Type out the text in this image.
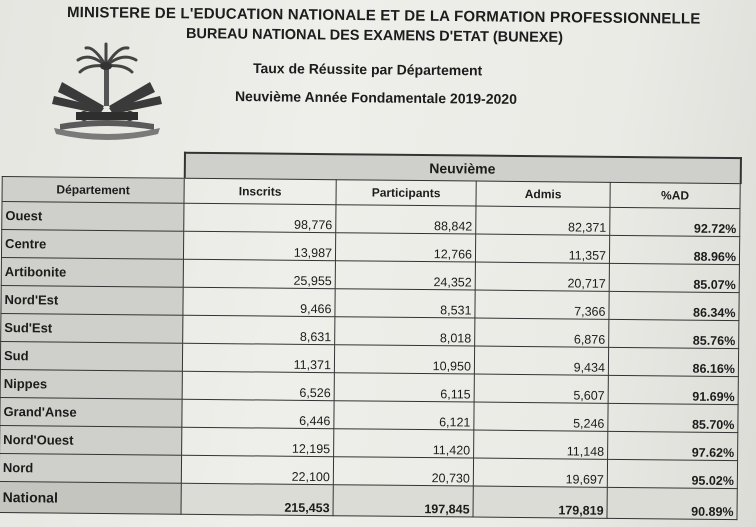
MINISTERE DE L'EDUCATION NATIONALE ET DE LA FORMATION PROFESSIONNELLE
BUREAU NATIONAL DES EXAMENS D'ETAT (BUNEXE)
Taux de Réussite par Département
Neuvième Année Fondamentale 2019-2020
	Neuvième			
Département	Inscrits	Participants	Admis	%AD
Ouest	98,776	88,842	82,371	92.72%
Centre	13,987	12,766	11,357	88.96%
Artibonite	25,955	24,352	20,717	85.07%
Nord'Est	9,466	8,531	7,366	86.34%
Sud'Est	8,631	8,018	6,876	85.76%
Sud	11,371	10,950	9,434	86.16%
Nippes	6,526	6,115	5,607	91.69%
Grand'Anse	6,446	6,121	5,246	85.70%
Nord'Ouest	12,195	11,420	11,148	97.62%
Nord	22,100	20,730	19,697	95.02%
National	215,453	197,845	179,819	90.89%
